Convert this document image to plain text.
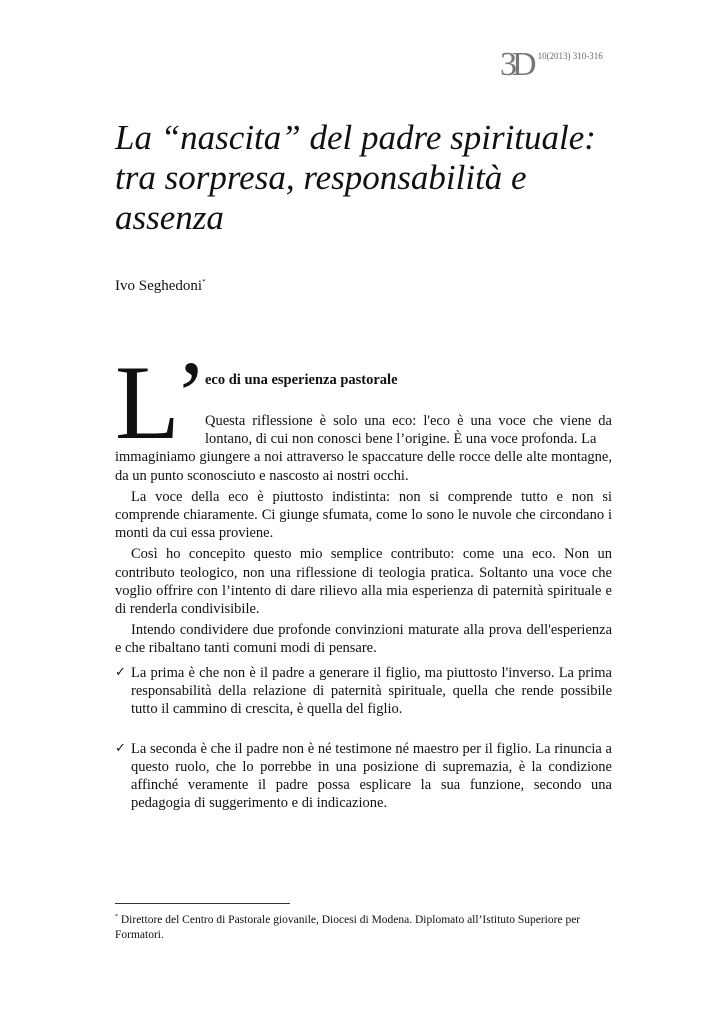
3D 10(2013) 310-316
La “nascita” del padre spirituale: tra sorpresa, responsabilità e assenza
Ivo Seghedoni*
L
’
eco di una esperienza pastorale

Questa riflessione è solo una eco: l'eco è una voce che viene da lontano, di cui non conosci bene l’origine. È una voce profonda. La
immaginiamo giungere a noi attraverso le spaccature delle rocce delle alte montagne, da un punto sconosciuto e nascosto ai nostri occhi.

La voce della eco è piuttosto indistinta: non si comprende tutto e non si comprende chiaramente. Ci giunge sfumata, come lo sono le nuvole che circondano i monti da cui essa proviene.

Così ho concepito questo mio semplice contributo: come una eco. Non un contributo teologico, non una riflessione di teologia pratica. Soltanto una voce che voglio offrire con l’intento di dare rilievo alla mia esperienza di paternità spirituale e di renderla condivisibile.

Intendo condividere due profonde convinzioni maturate alla prova dell'esperienza e che ribaltano tanti comuni modi di pensare.

✓ La prima è che non è il padre a generare il figlio, ma piuttosto l'inverso. La prima responsabilità della relazione di paternità spirituale, quella che rende possibile tutto il cammino di crescita, è quella del figlio.
✓ La seconda è che il padre non è né testimone né maestro per il figlio. La rinuncia a questo ruolo, che lo porrebbe in una posizione di supremazia, è la condizione affinché veramente il padre possa esplicare la sua funzione, secondo una pedagogia di suggerimento e di indicazione.
* Direttore del Centro di Pastorale giovanile, Diocesi di Modena. Diplomato all’Istituto Superiore per Formatori.
